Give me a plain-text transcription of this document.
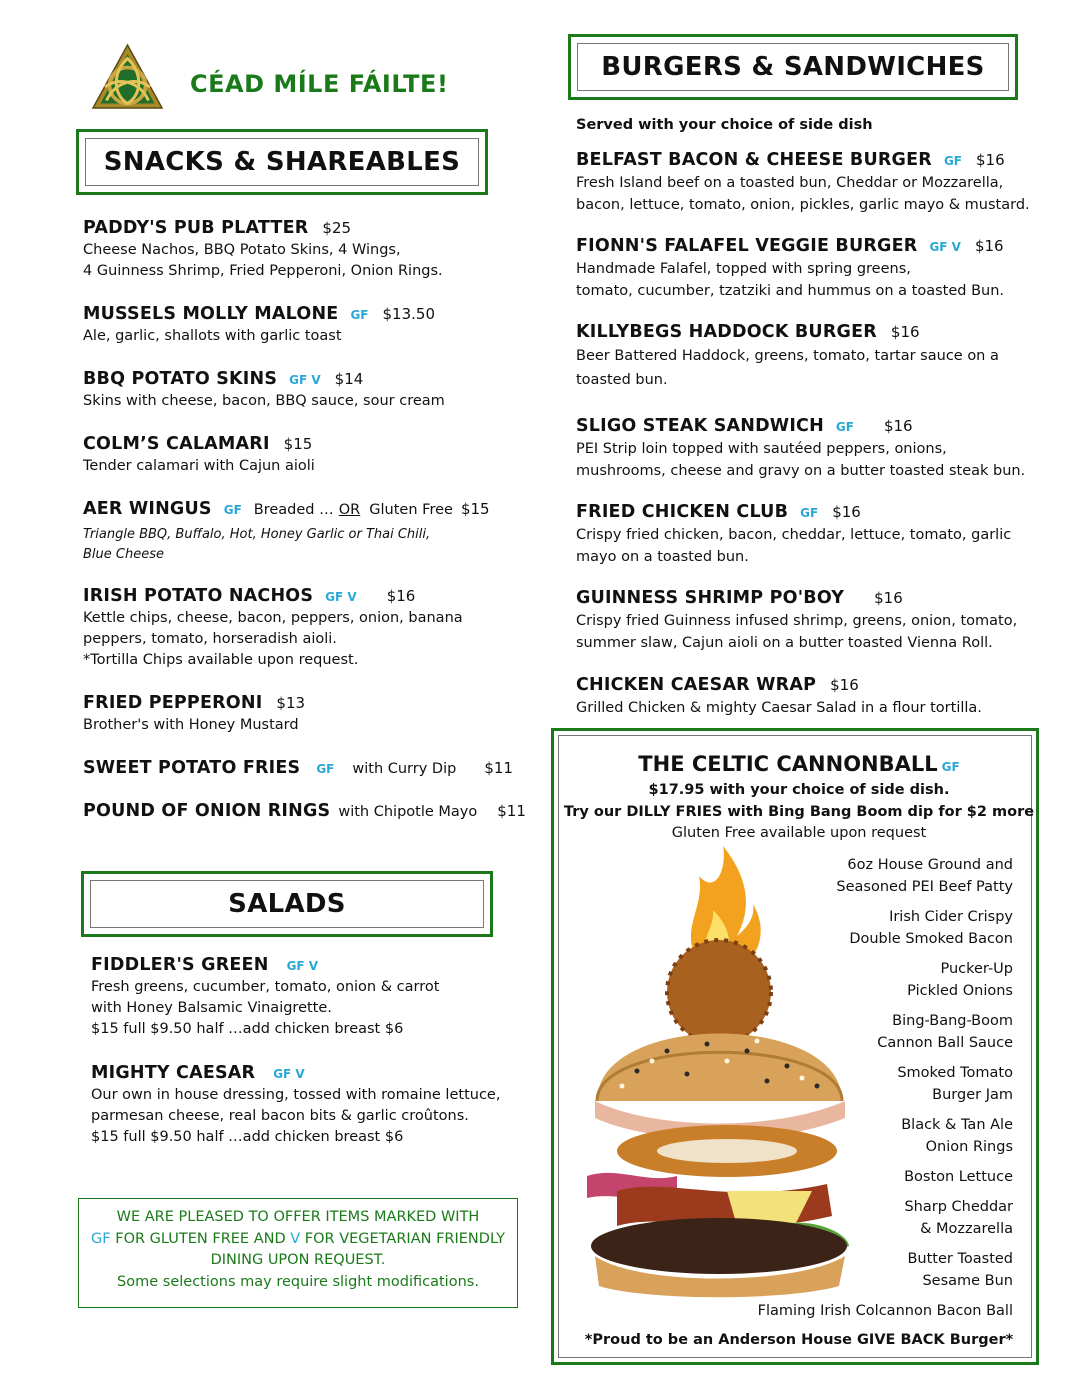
CÉAD MÍLE FÁILTE!
SNACKS & SHAREABLES
PADDY'S PUB PLATTER $25
Cheese Nachos, BBQ Potato Skins, 4 Wings,
4 Guinness Shrimp, Fried Pepperoni, Onion Rings.
MUSSELS MOLLY MALONE GF $13.50
Ale, garlic, shallots with garlic toast
BBQ POTATO SKINS GF V $14
Skins with cheese, bacon, BBQ sauce, sour cream
COLM’S CALAMARI $15
Tender calamari with Cajun aioli
AER WINGUS GF Breaded … OR Gluten Free $15
Triangle BBQ, Buffalo, Hot, Honey Garlic or Thai Chili,
Blue Cheese
IRISH POTATO NACHOS GF V $16
Kettle chips, cheese, bacon, peppers, onion, banana
peppers, tomato, horseradish aioli.
*Tortilla Chips available upon request.
FRIED PEPPERONI $13
Brother's with Honey Mustard
SWEET POTATO FRIES GF with Curry Dip $11
POUND OF ONION RINGS with Chipotle Mayo $11
SALADS
FIDDLER'S GREEN GF V
Fresh greens, cucumber, tomato, onion & carrot
with Honey Balsamic Vinaigrette.
$15 full $9.50 half …add chicken breast $6
MIGHTY CAESAR GF V
Our own in house dressing, tossed with romaine lettuce,
parmesan cheese, real bacon bits & garlic croûtons.
$15 full $9.50 half …add chicken breast $6
WE ARE PLEASED TO OFFER ITEMS MARKED WITH
GF FOR GLUTEN FREE AND V FOR VEGETARIAN FRIENDLY
DINING UPON REQUEST.
Some selections may require slight modifications.
BURGERS & SANDWICHES
Served with your choice of side dish
BELFAST BACON & CHEESE BURGER GF $16
Fresh Island beef on a toasted bun, Cheddar or Mozzarella,
bacon, lettuce, tomato, onion, pickles, garlic mayo & mustard.
FIONN'S FALAFEL VEGGIE BURGER GF V $16
Handmade Falafel, topped with spring greens,
tomato, cucumber, tzatziki and hummus on a toasted Bun.
KILLYBEGS HADDOCK BURGER $16
Beer Battered Haddock, greens, tomato, tartar sauce on a
toasted bun.
SLIGO STEAK SANDWICH GF $16
PEI Strip loin topped with sautéed peppers, onions,
mushrooms, cheese and gravy on a butter toasted steak bun.
FRIED CHICKEN CLUB GF $16
Crispy fried chicken, bacon, cheddar, lettuce, tomato, garlic
mayo on a toasted bun.
GUINNESS SHRIMP PO'BOY $16
Crispy fried Guinness infused shrimp, greens, onion, tomato,
summer slaw, Cajun aioli on a butter toasted Vienna Roll.
CHICKEN CAESAR WRAP $16
Grilled Chicken & mighty Caesar Salad in a flour tortilla.
THE CELTIC CANNONBALL GF
$17.95 with your choice of side dish.
Try our DILLY FRIES with Bing Bang Boom dip for $2 more
Gluten Free available upon request
6oz House Ground and
Seasoned PEI Beef Patty
Irish Cider Crispy
Double Smoked Bacon
Pucker-Up
Pickled Onions
Bing-Bang-Boom
Cannon Ball Sauce
Smoked Tomato
Burger Jam
Black & Tan Ale
Onion Rings
Boston Lettuce
Sharp Cheddar
& Mozzarella
Butter Toasted
Sesame Bun
Flaming Irish Colcannon Bacon Ball
*Proud to be an Anderson House GIVE BACK Burger*
